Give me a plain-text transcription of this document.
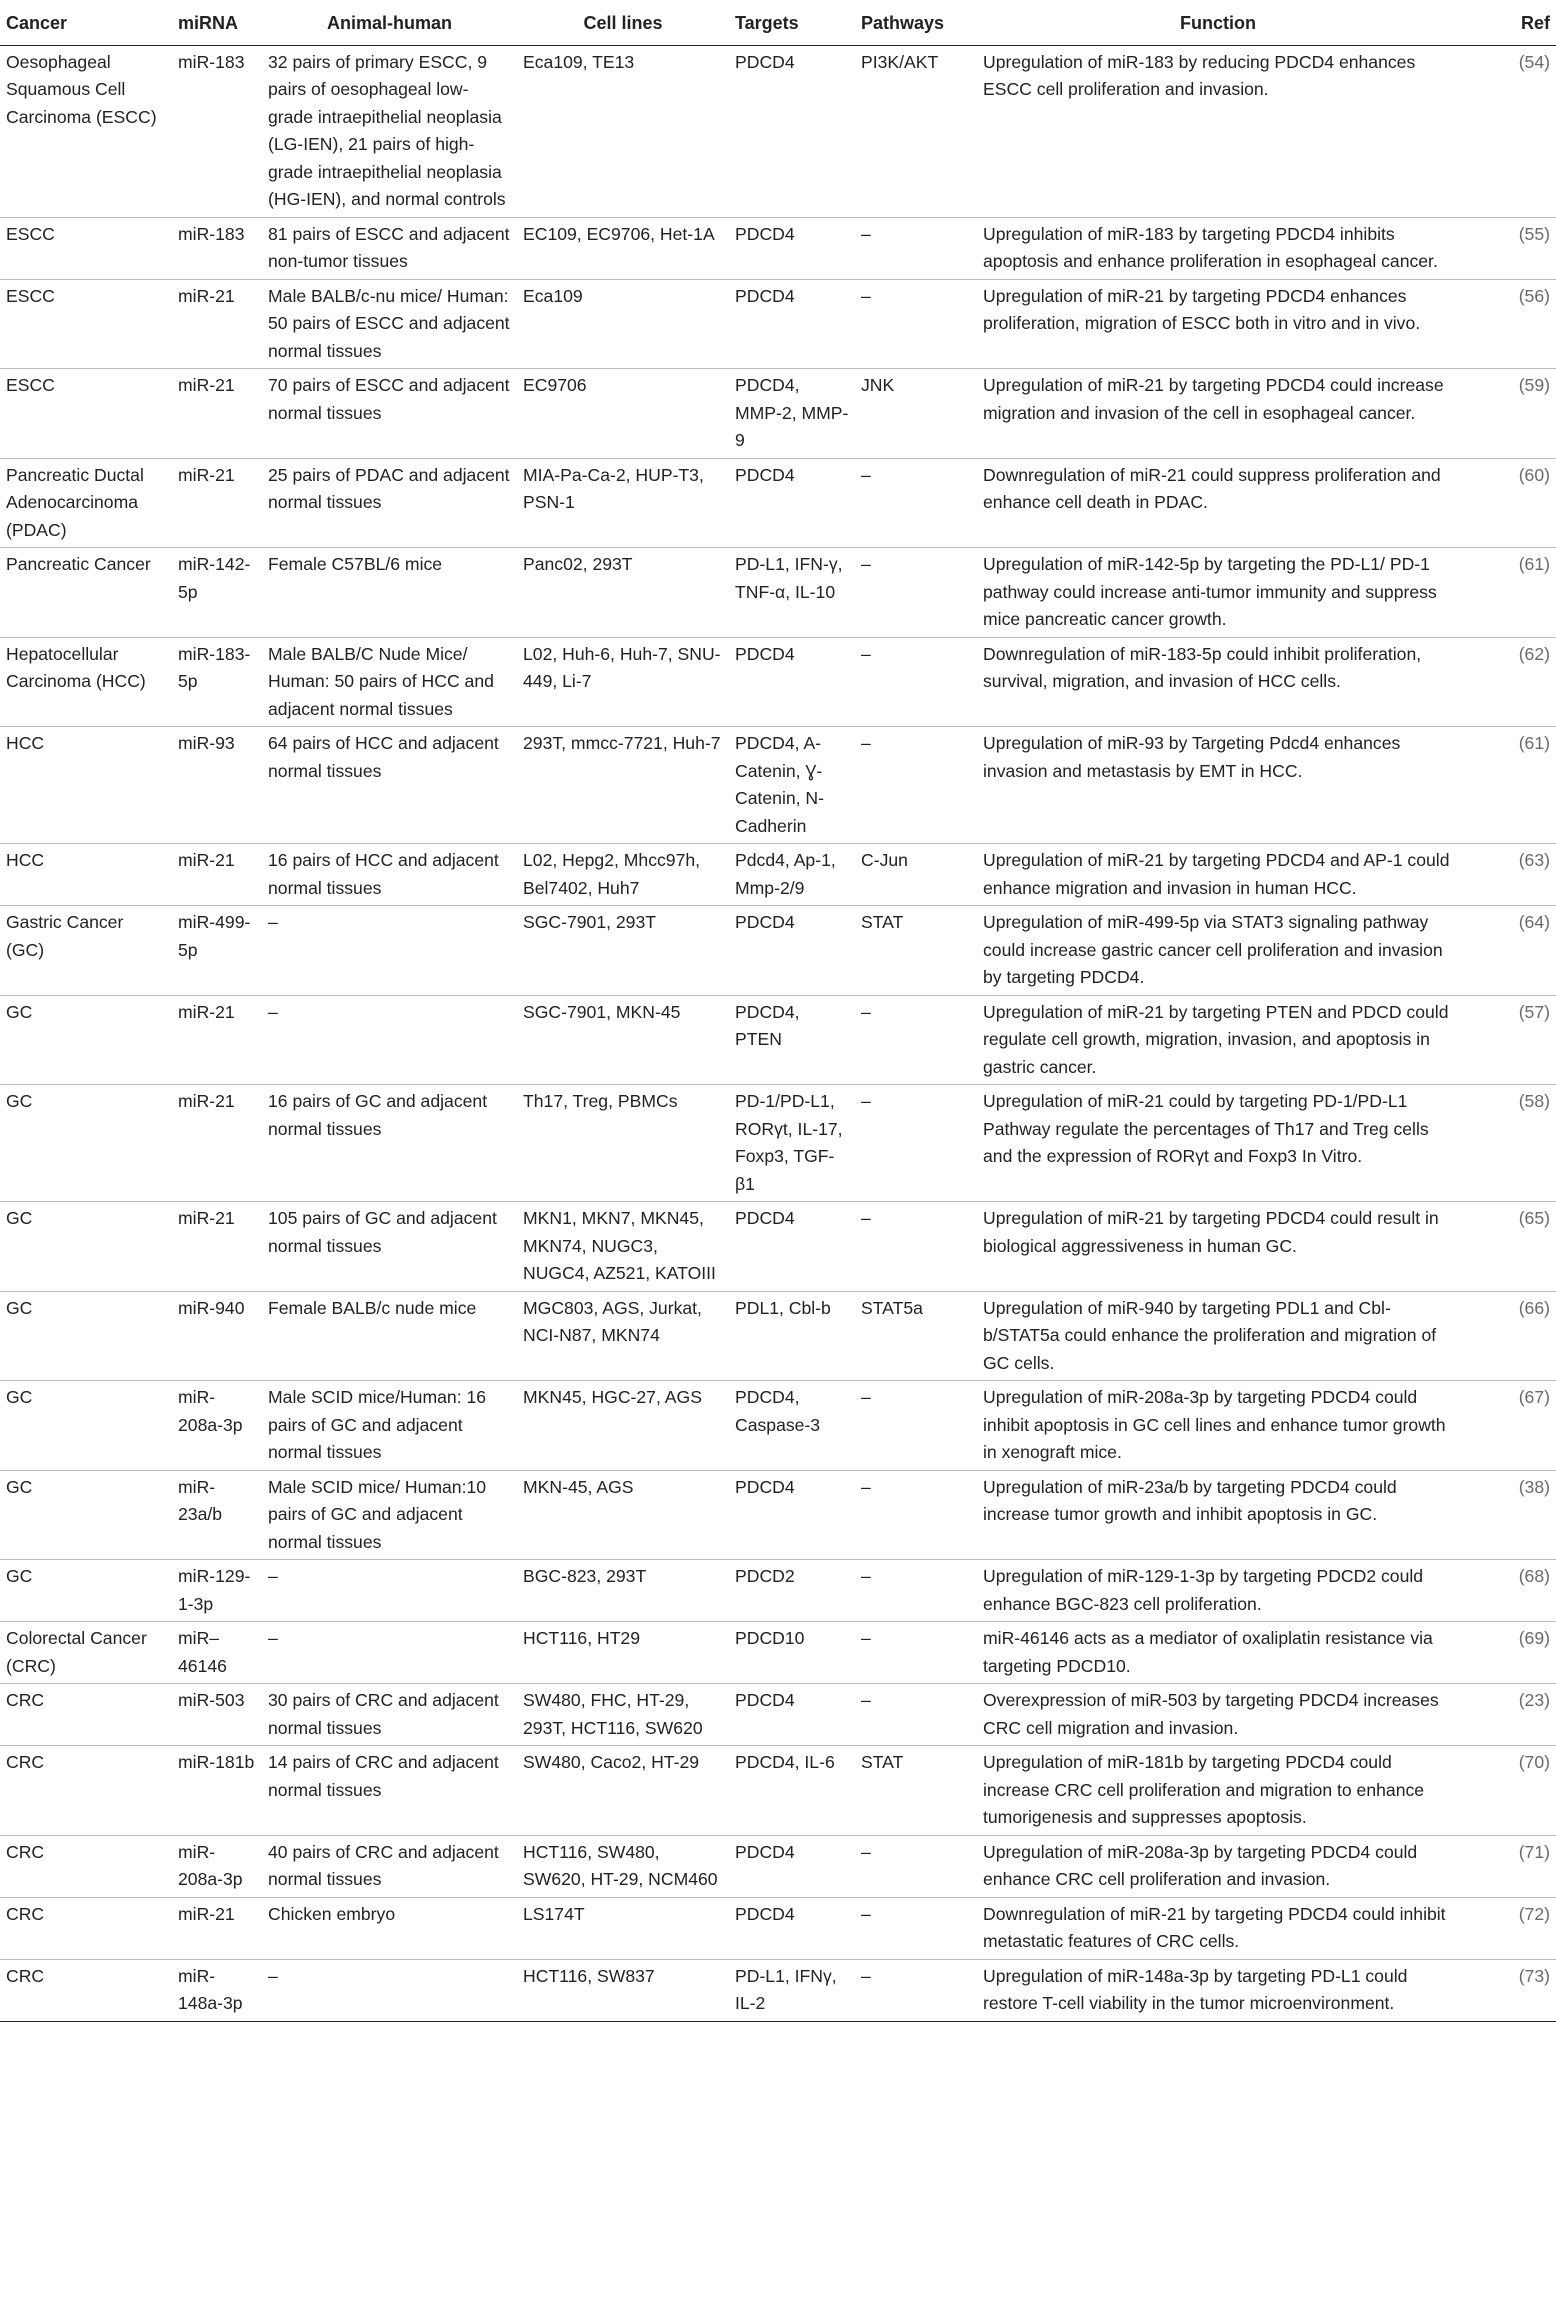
Cancer	miRNA	Animal-human	Cell lines	Targets	Pathways	Function	Ref
Oesophageal Squamous Cell Carcinoma (ESCC)	miR-183	32 pairs of primary ESCC, 9 pairs of oesophageal low-grade intraepithelial neoplasia (LG-IEN), 21 pairs of high-grade intraepithelial neoplasia (HG-IEN), and normal controls	Eca109, TE13	PDCD4	PI3K/AKT	Upregulation of miR-183 by reducing PDCD4 enhances ESCC cell proliferation and invasion.	(54)
ESCC	miR-183	81 pairs of ESCC and adjacent non-tumor tissues	EC109, EC9706, Het-1A	PDCD4	–	Upregulation of miR-183 by targeting PDCD4 inhibits apoptosis and enhance proliferation in esophageal cancer.	(55)
ESCC	miR-21	Male BALB/c-nu mice/ Human: 50 pairs of ESCC and adjacent normal tissues	Eca109	PDCD4	–	Upregulation of miR-21 by targeting PDCD4 enhances proliferation, migration of ESCC both in vitro and in vivo.	(56)
ESCC	miR-21	70 pairs of ESCC and adjacent normal tissues	EC9706	PDCD4, MMP-2, MMP-9	JNK	Upregulation of miR-21 by targeting PDCD4 could increase migration and invasion of the cell in esophageal cancer.	(59)
Pancreatic Ductal Adenocarcinoma (PDAC)	miR-21	25 pairs of PDAC and adjacent normal tissues	MIA-Pa-Ca-2, HUP-T3, PSN-1	PDCD4	–	Downregulation of miR-21 could suppress proliferation and enhance cell death in PDAC.	(60)
Pancreatic Cancer	miR-142-5p	Female C57BL/6 mice	Panc02, 293T	PD-L1, IFN-γ, TNF-α, IL-10	–	Upregulation of miR-142-5p by targeting the PD-L1/ PD-1 pathway could increase anti-tumor immunity and suppress mice pancreatic cancer growth.	(61)
Hepatocellular Carcinoma (HCC)	miR-183-5p	Male BALB/C Nude Mice/ Human: 50 pairs of HCC and adjacent normal tissues	L02, Huh-6, Huh-7, SNU-449, Li-7	PDCD4	–	Downregulation of miR-183-5p could inhibit proliferation, survival, migration, and invasion of HCC cells.	(62)
HCC	miR-93	64 pairs of HCC and adjacent normal tissues	293T, mmcc-7721, Huh-7	PDCD4, A-Catenin, Ɣ-Catenin, N-Cadherin	–	Upregulation of miR-93 by Targeting Pdcd4 enhances invasion and metastasis by EMT in HCC.	(61)
HCC	miR-21	16 pairs of HCC and adjacent normal tissues	L02, Hepg2, Mhcc97h, Bel7402, Huh7	Pdcd4, Ap-1, Mmp-2/9	C-Jun	Upregulation of miR-21 by targeting PDCD4 and AP-1 could enhance migration and invasion in human HCC.	(63)
Gastric Cancer (GC)	miR-499-5p	–	SGC-7901, 293T	PDCD4	STAT	Upregulation of miR-499-5p via STAT3 signaling pathway could increase gastric cancer cell proliferation and invasion by targeting PDCD4.	(64)
GC	miR-21	–	SGC-7901, MKN-45	PDCD4, PTEN	–	Upregulation of miR-21 by targeting PTEN and PDCD could regulate cell growth, migration, invasion, and apoptosis in gastric cancer.	(57)
GC	miR-21	16 pairs of GC and adjacent normal tissues	Th17, Treg, PBMCs	PD-1/PD-L1, RORγt, IL-17, Foxp3, TGF-β1	–	Upregulation of miR-21 could by targeting PD-1/PD-L1 Pathway regulate the percentages of Th17 and Treg cells and the expression of RORγt and Foxp3 In Vitro.	(58)
GC	miR-21	105 pairs of GC and adjacent normal tissues	MKN1, MKN7, MKN45, MKN74, NUGC3, NUGC4, AZ521, KATOIII	PDCD4	–	Upregulation of miR-21 by targeting PDCD4 could result in biological aggressiveness in human GC.	(65)
GC	miR-940	Female BALB/c nude mice	MGC803, AGS, Jurkat, NCI-N87, MKN74	PDL1, Cbl-b	STAT5a	Upregulation of miR-940 by targeting PDL1 and Cbl-b/STAT5a could enhance the proliferation and migration of GC cells.	(66)
GC	miR-208a-3p	Male SCID mice/Human: 16 pairs of GC and adjacent normal tissues	MKN45, HGC-27, AGS	PDCD4, Caspase-3	–	Upregulation of miR-208a-3p by targeting PDCD4 could inhibit apoptosis in GC cell lines and enhance tumor growth in xenograft mice.	(67)
GC	miR-23a/b	Male SCID mice/ Human:10 pairs of GC and adjacent normal tissues	MKN-45, AGS	PDCD4	–	Upregulation of miR-23a/b by targeting PDCD4 could increase tumor growth and inhibit apoptosis in GC.	(38)
GC	miR-129-1-3p	–	BGC-823, 293T	PDCD2	–	Upregulation of miR-129-1-3p by targeting PDCD2 could enhance BGC-823 cell proliferation.	(68)
Colorectal Cancer (CRC)	miR–46146	–	HCT116, HT29	PDCD10	–	miR-46146 acts as a mediator of oxaliplatin resistance via targeting PDCD10.	(69)
CRC	miR-503	30 pairs of CRC and adjacent normal tissues	SW480, FHC, HT-29, 293T, HCT116, SW620	PDCD4	–	Overexpression of miR-503 by targeting PDCD4 increases CRC cell migration and invasion.	(23)
CRC	miR-181b	14 pairs of CRC and adjacent normal tissues	SW480, Caco2, HT-29	PDCD4, IL-6	STAT	Upregulation of miR-181b by targeting PDCD4 could increase CRC cell proliferation and migration to enhance tumorigenesis and suppresses apoptosis.	(70)
CRC	miR-208a-3p	40 pairs of CRC and adjacent normal tissues	HCT116, SW480, SW620, HT-29, NCM460	PDCD4	–	Upregulation of miR-208a-3p by targeting PDCD4 could enhance CRC cell proliferation and invasion.	(71)
CRC	miR-21	Chicken embryo	LS174T	PDCD4	–	Downregulation of miR-21 by targeting PDCD4 could inhibit metastatic features of CRC cells.	(72)
CRC	miR-148a-3p	–	HCT116, SW837	PD-L1, IFNγ, IL-2	–	Upregulation of miR-148a-3p by targeting PD-L1 could restore T-cell viability in the tumor microenvironment.	(73)
